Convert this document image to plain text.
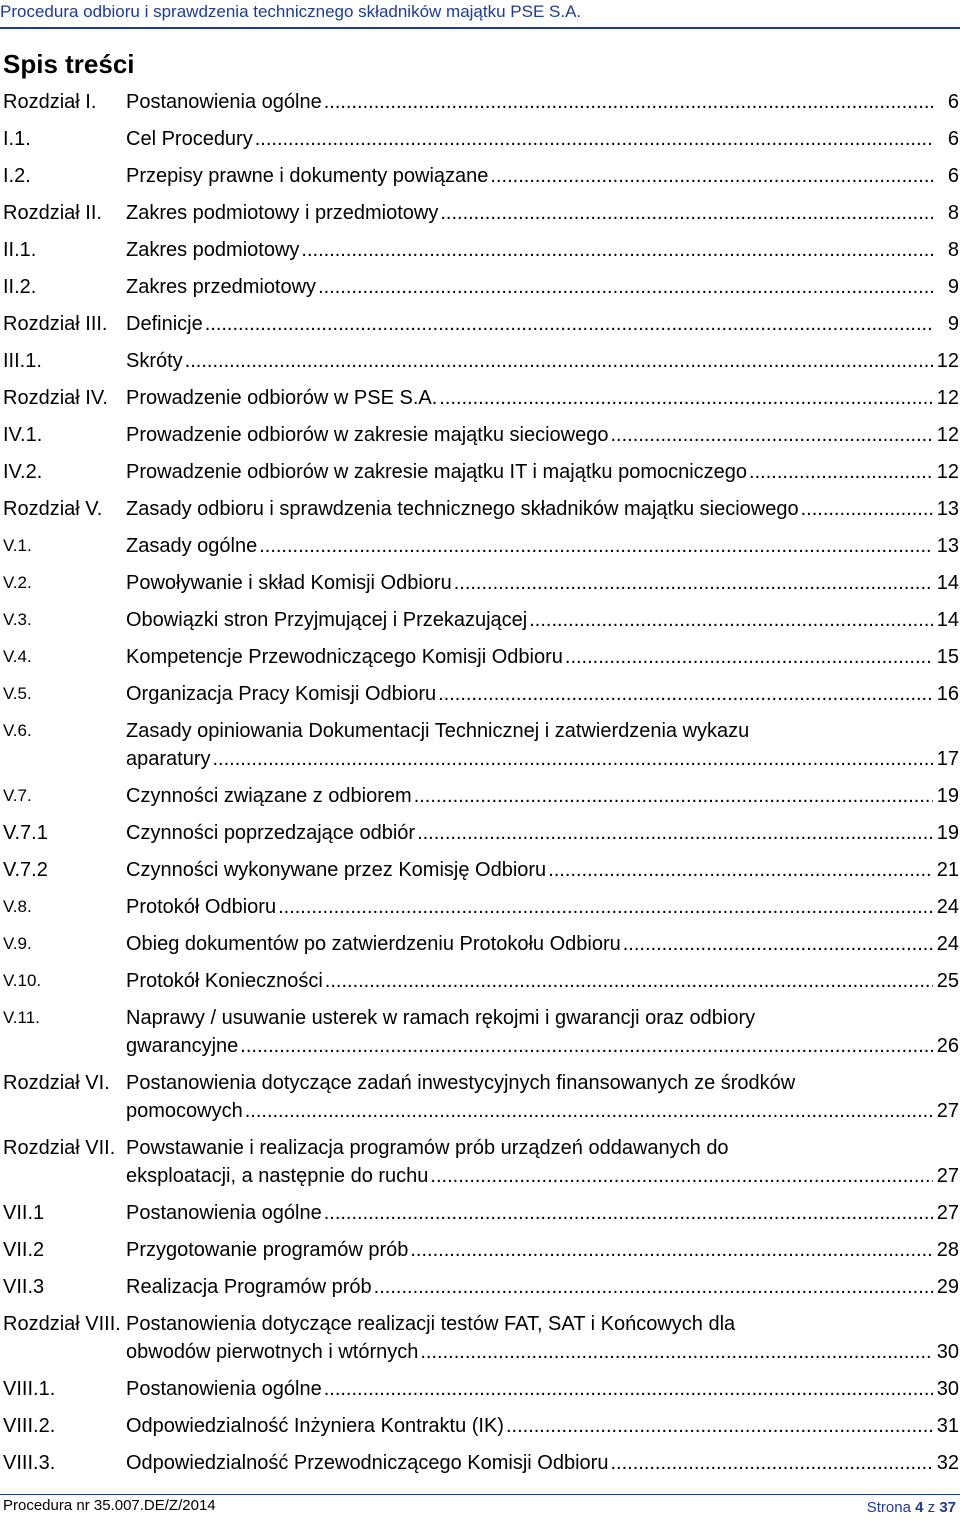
Procedura odbioru i sprawdzenia technicznego składników majątku PSE S.A.
Spis treści
Rozdział I. Postanowienia ogólne .....	6
I.1.	Cel Procedury .....	6
I.2.	Przepisy prawne i dokumenty powiązane .....	6
Rozdział II. Zakres podmiotowy i przedmiotowy .....	8
II.1.	Zakres podmiotowy .....	8
II.2.	Zakres przedmiotowy .....	9
Rozdział III. Definicje .....	9
III.1.	Skróty .....	12
Rozdział IV. Prowadzenie odbiorów w PSE S.A. .....	12
IV.1.	Prowadzenie odbiorów w zakresie majątku sieciowego .....	12
IV.2.	Prowadzenie odbiorów w zakresie majątku IT i majątku pomocniczego .....	12
Rozdział V. Zasady odbioru i sprawdzenia technicznego składników majątku sieciowego .....	13
V.1.	Zasady ogólne .....	13
V.2.	Powoływanie i skład Komisji Odbioru .....	14
V.3.	Obowiązki stron Przyjmującej i Przekazującej .....	14
V.4.	Kompetencje Przewodniczącego Komisji Odbioru .....	15
V.5.	Organizacja Pracy Komisji Odbioru .....	16
V.6.	Zasady opiniowania Dokumentacji Technicznej i zatwierdzenia wykazu
aparatury .....	17
V.7.	Czynności związane z odbiorem .....	19
V.7.1	Czynności poprzedzające odbiór .....	19
V.7.2	Czynności wykonywane przez Komisję Odbioru .....	21
V.8.	Protokół Odbioru .....	24
V.9.	Obieg dokumentów po zatwierdzeniu Protokołu Odbioru .....	24
V.10.	Protokół Konieczności .....	25
V.11.	Naprawy / usuwanie usterek w ramach rękojmi i gwarancji oraz odbiory
gwarancyjne .....	26
Rozdział VI. Postanowienia dotyczące zadań inwestycyjnych finansowanych ze środków
pomocowych .....	27
Rozdział VII. Powstawanie i realizacja programów prób urządzeń oddawanych do
eksploatacji, a następnie do ruchu .....	27
VII.1	Postanowienia ogólne .....	27
VII.2	Przygotowanie programów prób .....	28
VII.3	Realizacja Programów prób .....	29
Rozdział VIII. Postanowienia dotyczące realizacji testów FAT, SAT i Końcowych dla
obwodów pierwotnych i wtórnych .....	30
VIII.1.	Postanowienia ogólne .....	30
VIII.2.	Odpowiedzialność Inżyniera Kontraktu (IK) .....	31
VIII.3.	Odpowiedzialność Przewodniczącego Komisji Odbioru .....	32
Procedura nr 35.007.DE/Z/2014	Strona 4 z 37
